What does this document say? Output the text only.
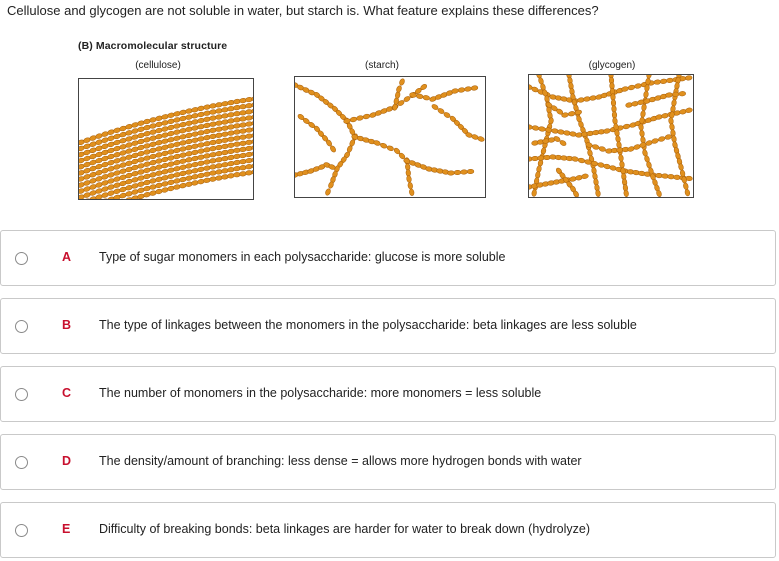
Cellulose and glycogen are not soluble in water, but starch is. What feature explains these differences?
(B) Macromolecular structure
(cellulose)	(starch)	(glycogen)
A Type of sugar monomers in each polysaccharide: glucose is more soluble
B The type of linkages between the monomers in the polysaccharide: beta linkages are less soluble
C The number of monomers in the polysaccharide: more monomers = less soluble
D The density/amount of branching: less dense = allows more hydrogen bonds with water
E Difficulty of breaking bonds: beta linkages are harder for water to break down (hydrolyze)
